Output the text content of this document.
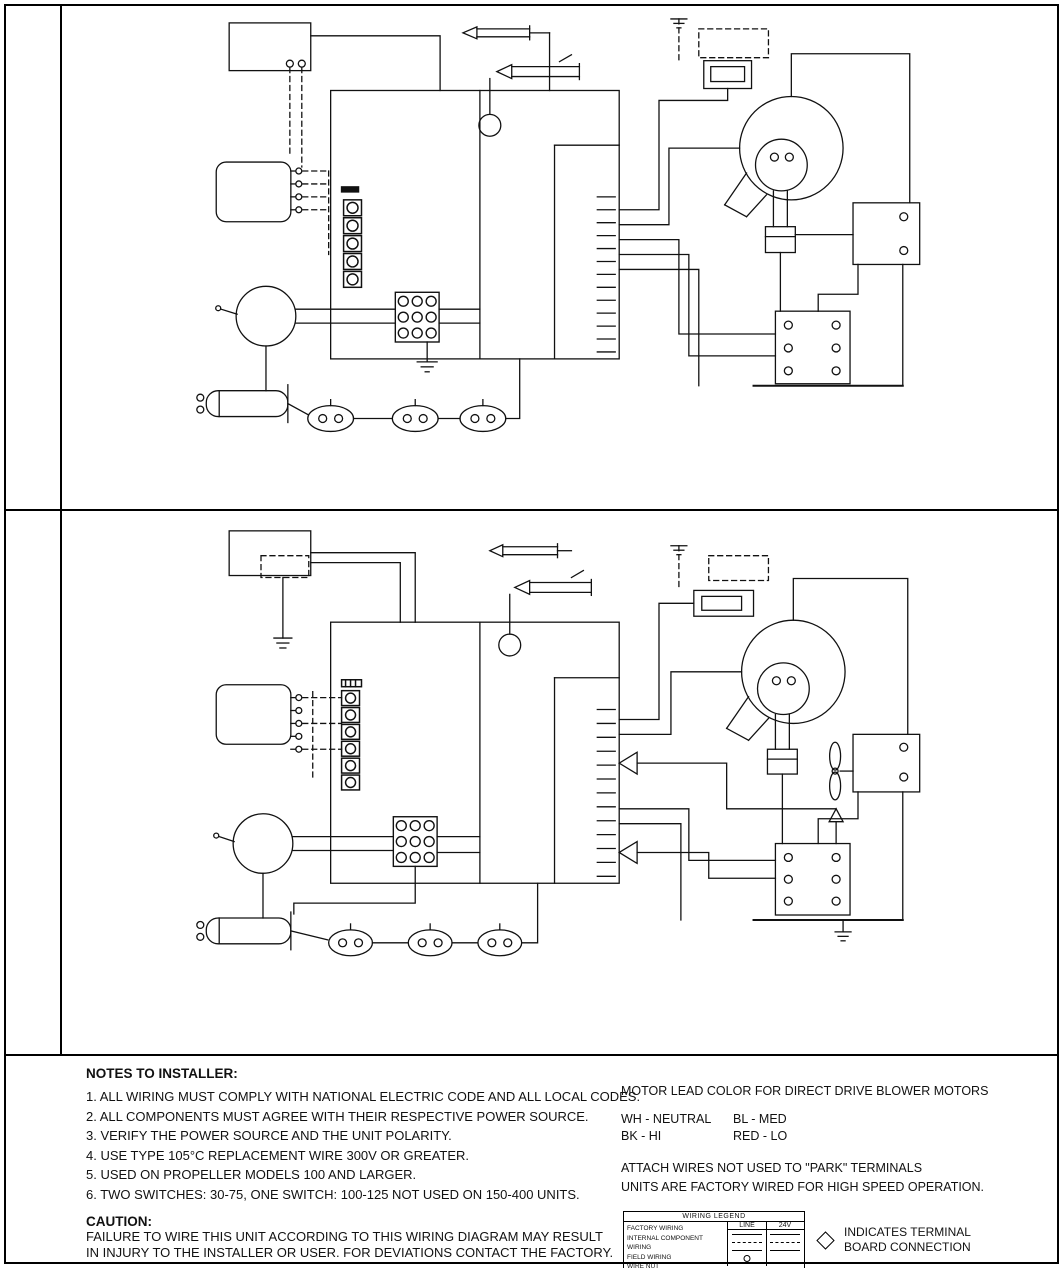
NOTES TO INSTALLER:
1. ALL WIRING MUST COMPLY WITH NATIONAL ELECTRIC CODE AND ALL LOCAL CODES.
2. ALL COMPONENTS MUST AGREE WITH THEIR RESPECTIVE POWER SOURCE.
3. VERIFY THE POWER SOURCE AND THE UNIT POLARITY.
4. USE TYPE 105°C REPLACEMENT WIRE 300V OR GREATER.
5. USED ON PROPELLER MODELS 100 AND LARGER.
6. TWO SWITCHES: 30-75, ONE SWITCH: 100-125 NOT USED ON 150-400 UNITS.
CAUTION:
FAILURE TO WIRE THIS UNIT ACCORDING TO THIS WIRING DIAGRAM MAY RESULT
IN INJURY TO THE INSTALLER OR USER. FOR DEVIATIONS CONTACT THE FACTORY.
MOTOR LEAD COLOR FOR DIRECT DRIVE BLOWER MOTORS
WH - NEUTRAL	BL - MED
BK - HI	RED - LO
ATTACH WIRES NOT USED TO "PARK" TERMINALS
UNITS ARE FACTORY WIRED FOR HIGH SPEED OPERATION.
WIRING LEGEND
FACTORY WIRING
INTERNAL COMPONENT WIRING
FIELD WIRING
WIRE NUT
LINE	24V	INDICATES TERMINAL
BOARD CONNECTION
